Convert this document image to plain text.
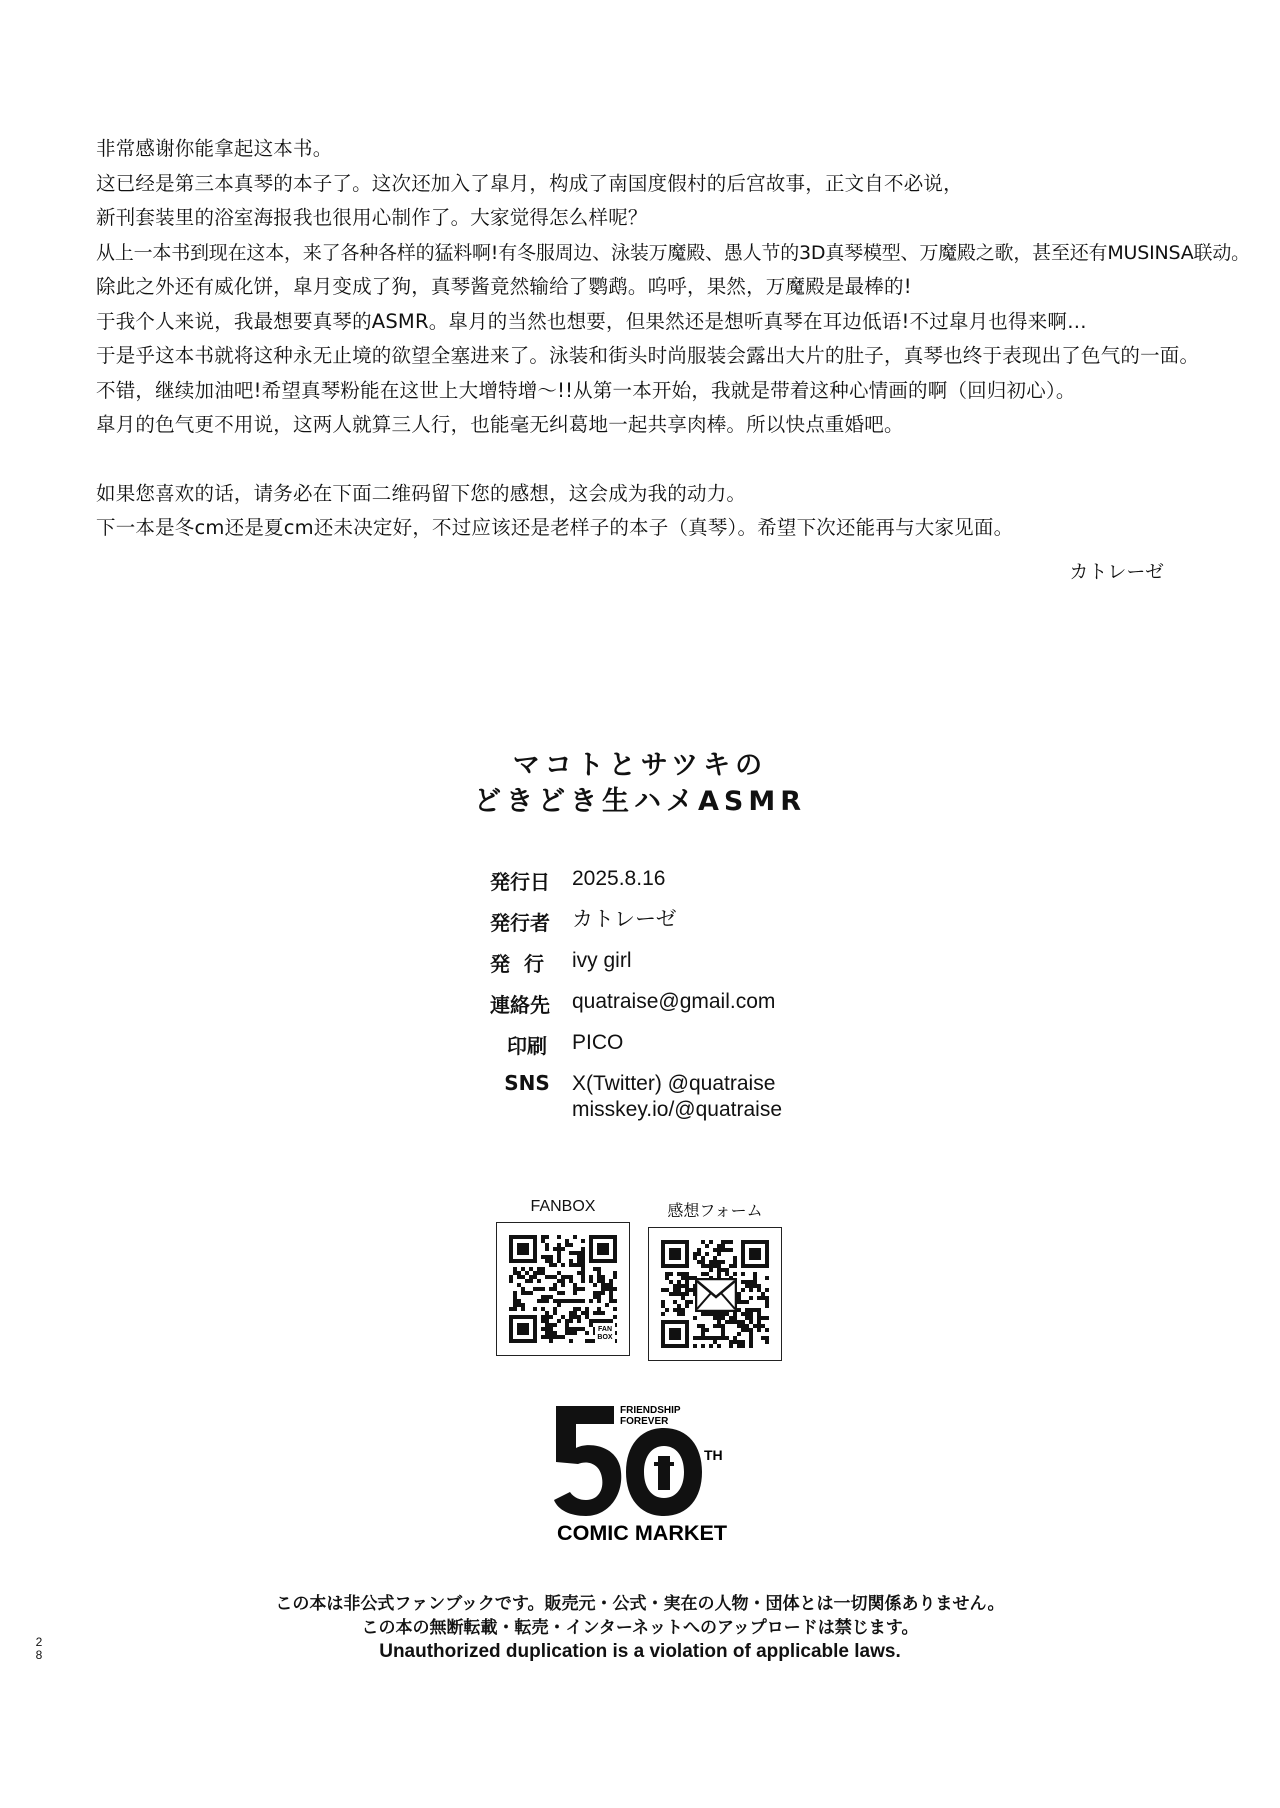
非常感谢你能拿起这本书。

这已经是第三本真琴的本子了。这次还加入了皐月，构成了南国度假村的后宫故事，正文自不必说，

新刊套装里的浴室海报我也很用心制作了。大家觉得怎么样呢？

从上一本书到现在这本，来了各种各样的猛料啊!有冬服周边、泳装万魔殿、愚人节的3D真琴模型、万魔殿之歌，甚至还有MUSINSA联动。

除此之外还有威化饼，皐月变成了狗，真琴酱竟然输给了鹦鹉。呜呼，果然，万魔殿是最棒的!

于我个人来说，我最想要真琴的ASMR。皐月的当然也想要，但果然还是想听真琴在耳边低语!不过皐月也得来啊…

于是乎这本书就将这种永无止境的欲望全塞进来了。泳装和街头时尚服装会露出大片的肚子，真琴也终于表现出了色气的一面。

不错，继续加油吧!希望真琴粉能在这世上大增特增〜!!从第一本开始，我就是带着这种心情画的啊（回归初心）。

皐月的色气更不用说，这两人就算三人行，也能毫无纠葛地一起共享肉棒。所以快点重婚吧。

如果您喜欢的话，请务必在下面二维码留下您的感想，这会成为我的动力。

下一本是冬cm还是夏cm还未决定好，不过应该还是老样子的本子（真琴）。希望下次还能再与大家见面。

カトレーゼ
マコトとサツキの
どきどき生ハメASMR
発行日	2025.8.16
発行者	カトレーゼ
発行 ivy girl
連絡先	quatraise@gmail.com
印刷	PICO
SNS	X(Twitter) @quatraise
misskey.io/@quatraise
FANBOX
FAN
BOX
感想フォーム
FRIENDSHIP
FOREVER
TH
COMIC MARKET

この本は非公式ファンブックです。販売元・公式・実在の人物・団体とは一切関係ありません。

この本の無断転載・転売・インターネットへのアップロードは禁じます。

Unauthorized duplication is a violation of applicable laws.

2
8
